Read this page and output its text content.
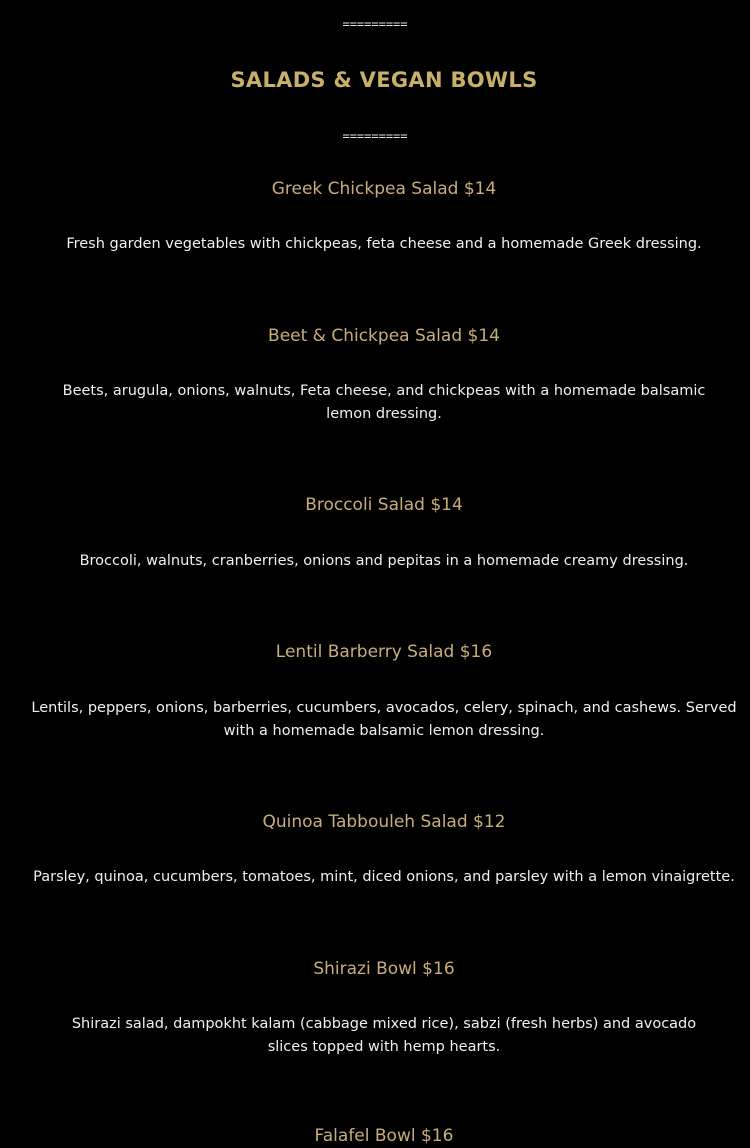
=========
SALADS & VEGAN BOWLS
=========
Greek Chickpea Salad $14
Fresh garden vegetables with chickpeas, feta cheese and a homemade Greek dressing.
Beet & Chickpea Salad $14
Beets, arugula, onions, walnuts, Feta cheese, and chickpeas with a homemade balsamic lemon dressing.
Broccoli Salad $14
Broccoli, walnuts, cranberries, onions and pepitas in a homemade creamy dressing.
Lentil Barberry Salad $16
Lentils, peppers, onions, barberries, cucumbers, avocados, celery, spinach, and cashews. Served with a homemade balsamic lemon dressing.
Quinoa Tabbouleh Salad $12
Parsley, quinoa, cucumbers, tomatoes, mint, diced onions, and parsley with a lemon vinaigrette.
Shirazi Bowl $16
Shirazi salad, dampokht kalam (cabbage mixed rice), sabzi (fresh herbs) and avocado slices topped with hemp hearts.
Falafel Bowl $16
